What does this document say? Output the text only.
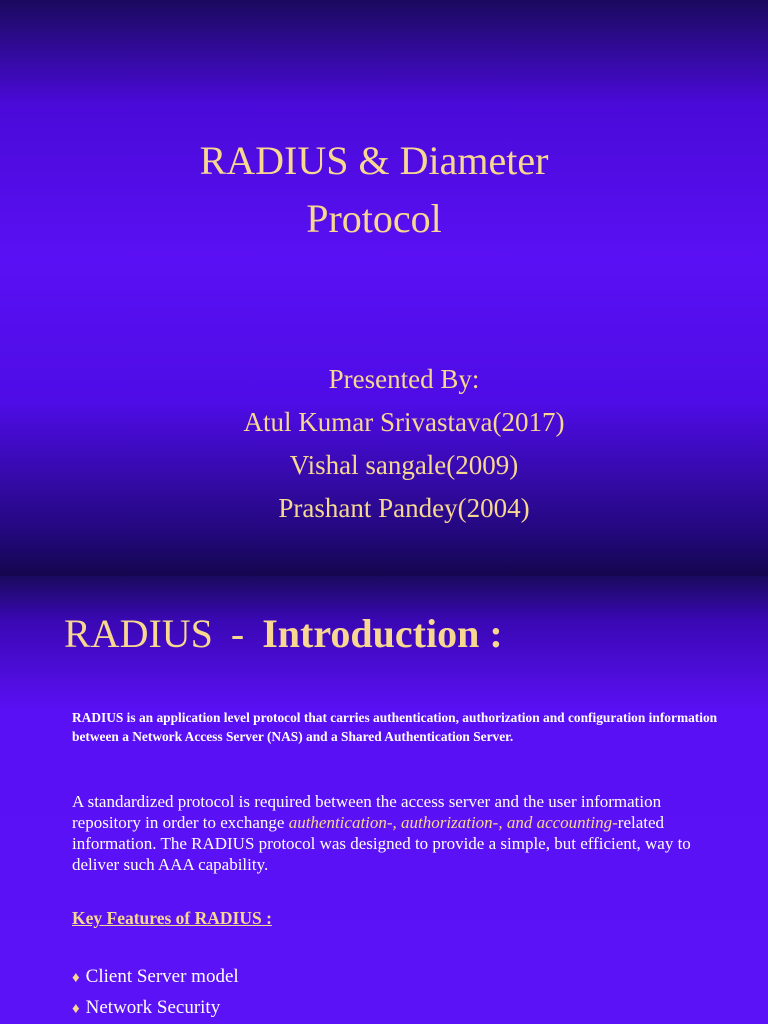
RADIUS & Diameter
Protocol
Presented By:
Atul Kumar Srivastava(2017)
Vishal sangale(2009)
Prashant Pandey(2004)
RADIUS - Introduction :

RADIUS is an application level protocol that carries authentication, authorization and configuration information between a Network Access Server (NAS) and a Shared Authentication Server.

A standardized protocol is required between the access server and the user information repository in order to exchange authentication-, authorization-, and accounting-related information. The RADIUS protocol was designed to provide a simple, but efficient, way to deliver such AAA capability.

Key Features of RADIUS :
♦ Client Server model
♦ Network Security
